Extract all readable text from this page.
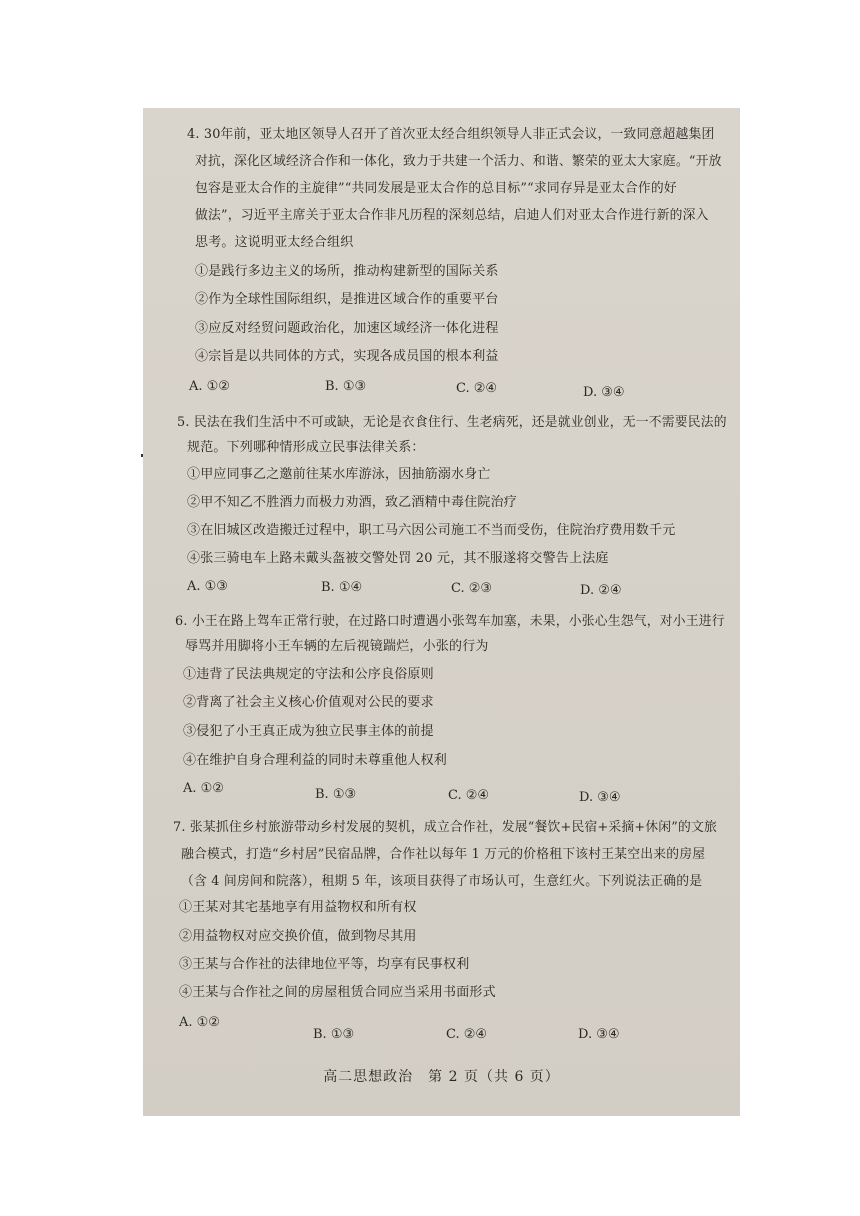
4. 30年前，亚太地区领导人召开了首次亚太经合组织领导人非正式会议，一致同意超越集团
对抗，深化区域经济合作和一体化，致力于共建一个活力、和谐、繁荣的亚太大家庭。“开放
包容是亚太合作的主旋律”“共同发展是亚太合作的总目标”“求同存异是亚太合作的好
做法”，习近平主席关于亚太合作非凡历程的深刻总结，启迪人们对亚太合作进行新的深入
思考。这说明亚太经合组织
①是践行多边主义的场所，推动构建新型的国际关系
②作为全球性国际组织，是推进区域合作的重要平台
③应反对经贸问题政治化，加速区域经济一体化进程
④宗旨是以共同体的方式，实现各成员国的根本利益
A. ①②	B. ①③	C. ②④	D. ③④
5. 民法在我们生活中不可或缺，无论是衣食住行、生老病死，还是就业创业，无一不需要民法的
规范。下列哪种情形成立民事法律关系：
①甲应同事乙之邀前往某水库游泳，因抽筋溺水身亡
②甲不知乙不胜酒力而极力劝酒，致乙酒精中毒住院治疗
③在旧城区改造搬迁过程中，职工马六因公司施工不当而受伤，住院治疗费用数千元
④张三骑电车上路未戴头盔被交警处罚 20 元，其不服遂将交警告上法庭
A. ①③	B. ①④	C. ②③	D. ②④
6. 小王在路上驾车正常行驶，在过路口时遭遇小张驾车加塞，未果，小张心生怨气，对小王进行
辱骂并用脚将小王车辆的左后视镜踹烂，小张的行为
①违背了民法典规定的守法和公序良俗原则
②背离了社会主义核心价值观对公民的要求
③侵犯了小王真正成为独立民事主体的前提
④在维护自身合理利益的同时未尊重他人权利
A. ①②	B. ①③	C. ②④	D. ③④
7. 张某抓住乡村旅游带动乡村发展的契机，成立合作社，发展“餐饮+民宿+采摘+休闲”的文旅
融合模式，打造“乡村居”民宿品牌，合作社以每年 1 万元的价格租下该村王某空出来的房屋
（含 4 间房间和院落），租期 5 年，该项目获得了市场认可，生意红火。下列说法正确的是
①王某对其宅基地享有用益物权和所有权
②用益物权对应交换价值，做到物尽其用
③王某与合作社的法律地位平等，均享有民事权利
④王某与合作社之间的房屋租赁合同应当采用书面形式
A. ①②
B. ①③	C. ②④	D. ③④
高二思想政治　第 2 页（共 6 页）
